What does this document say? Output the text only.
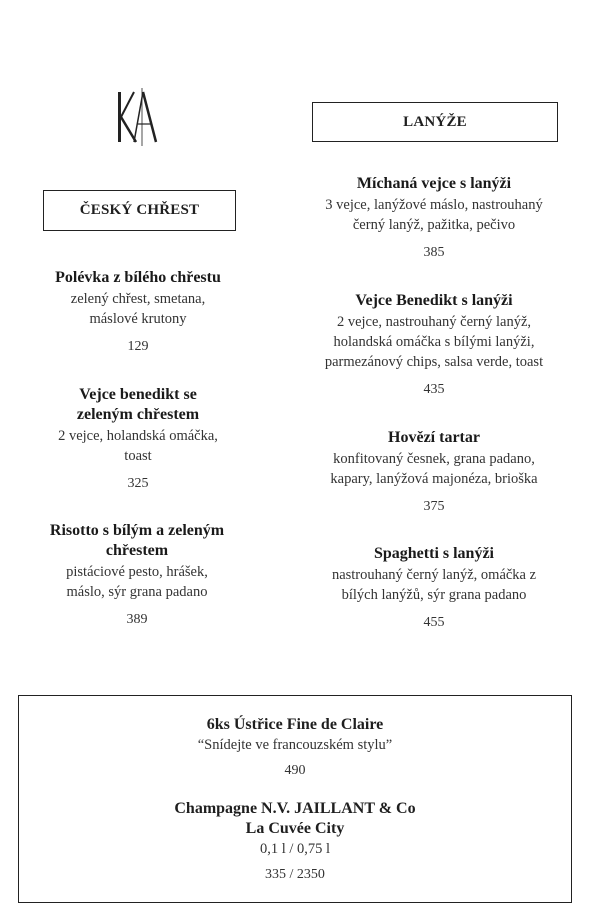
ČESKÝ CHŘEST
LANÝŽE
Polévka z bílého chřestu
zelený chřest, smetana, máslové krutony
129
Vejce benedikt se zeleným chřestem
2 vejce, holandská omáčka, toast
325
Risotto s bílým a zeleným chřestem
pistáciové pesto, hrášek, máslo, sýr grana padano
389
Míchaná vejce s lanýži
3 vejce, lanýžové máslo, nastrouhaný černý lanýž, pažitka, pečivo
385
Vejce Benedikt s lanýži
2 vejce, nastrouhaný černý lanýž, holandská omáčka s bílými lanýži, parmezánový chips, salsa verde, toast
435
Hovězí tartar
konfitovaný česnek, grana padano, kapary, lanýžová majonéza, brioška
375
Spaghetti s lanýži
nastrouhaný černý lanýž, omáčka z bílých lanýžů, sýr grana padano
455
6ks Ústřice Fine de Claire
“Snídejte ve francouzském stylu”
490
Champagne N.V. JAILLANT & Co
La Cuvée City
0,1 l / 0,75 l
335 / 2350
